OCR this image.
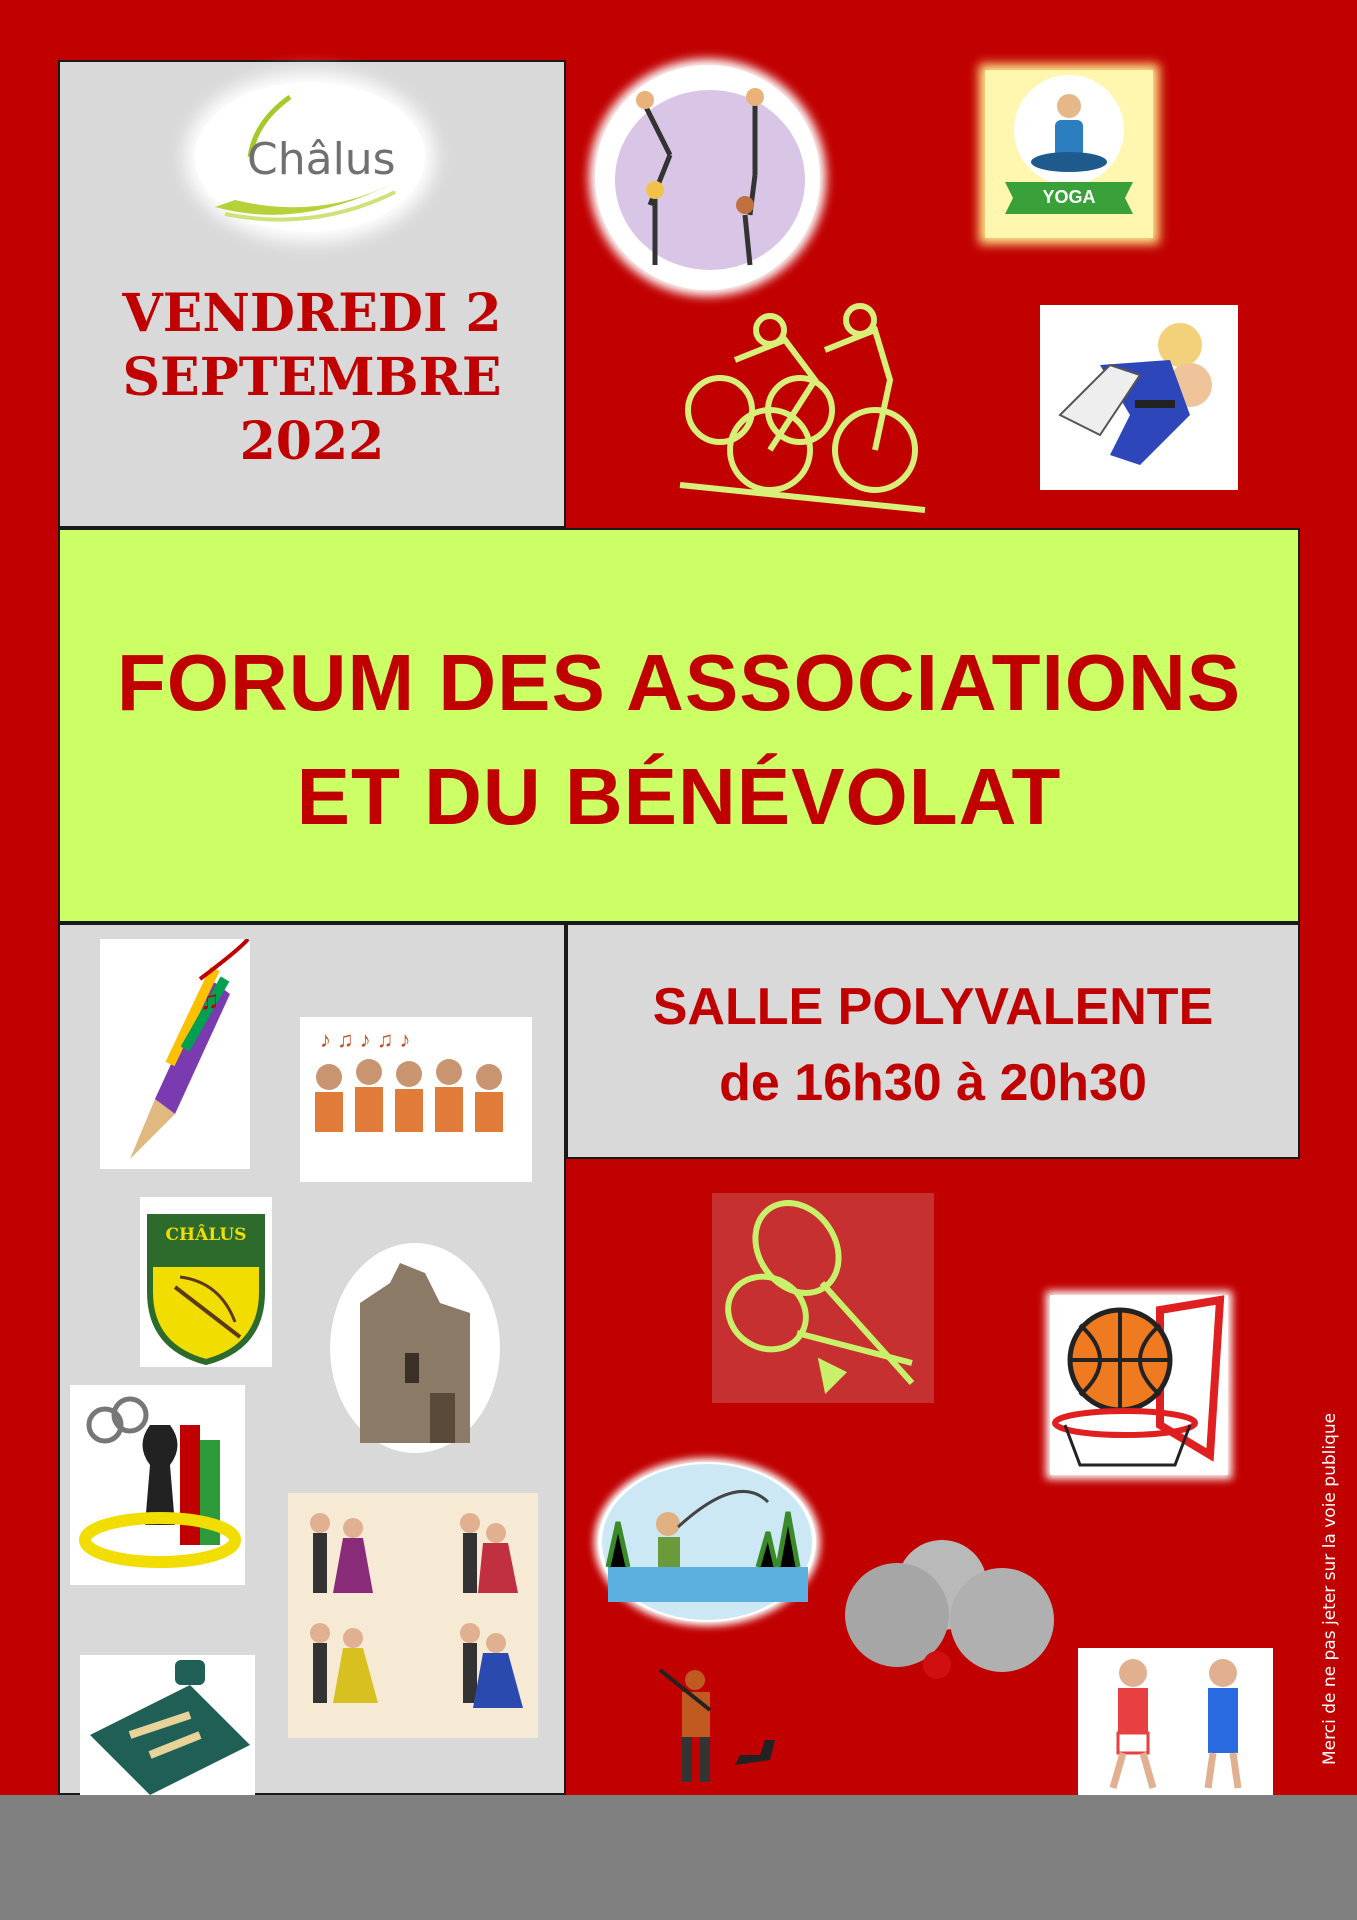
Châlus
VENDREDI 2
SEPTEMBRE
2022
YOGA
FORUM DES ASSOCIATIONS
ET DU BÉNÉVOLAT
♫
♪ ♫ ♪ ♫ ♪
CHÂLUS
SALLE POLYVALENTE
de 16h30 à 20h30
Merci de ne pas jeter sur la voie publique
